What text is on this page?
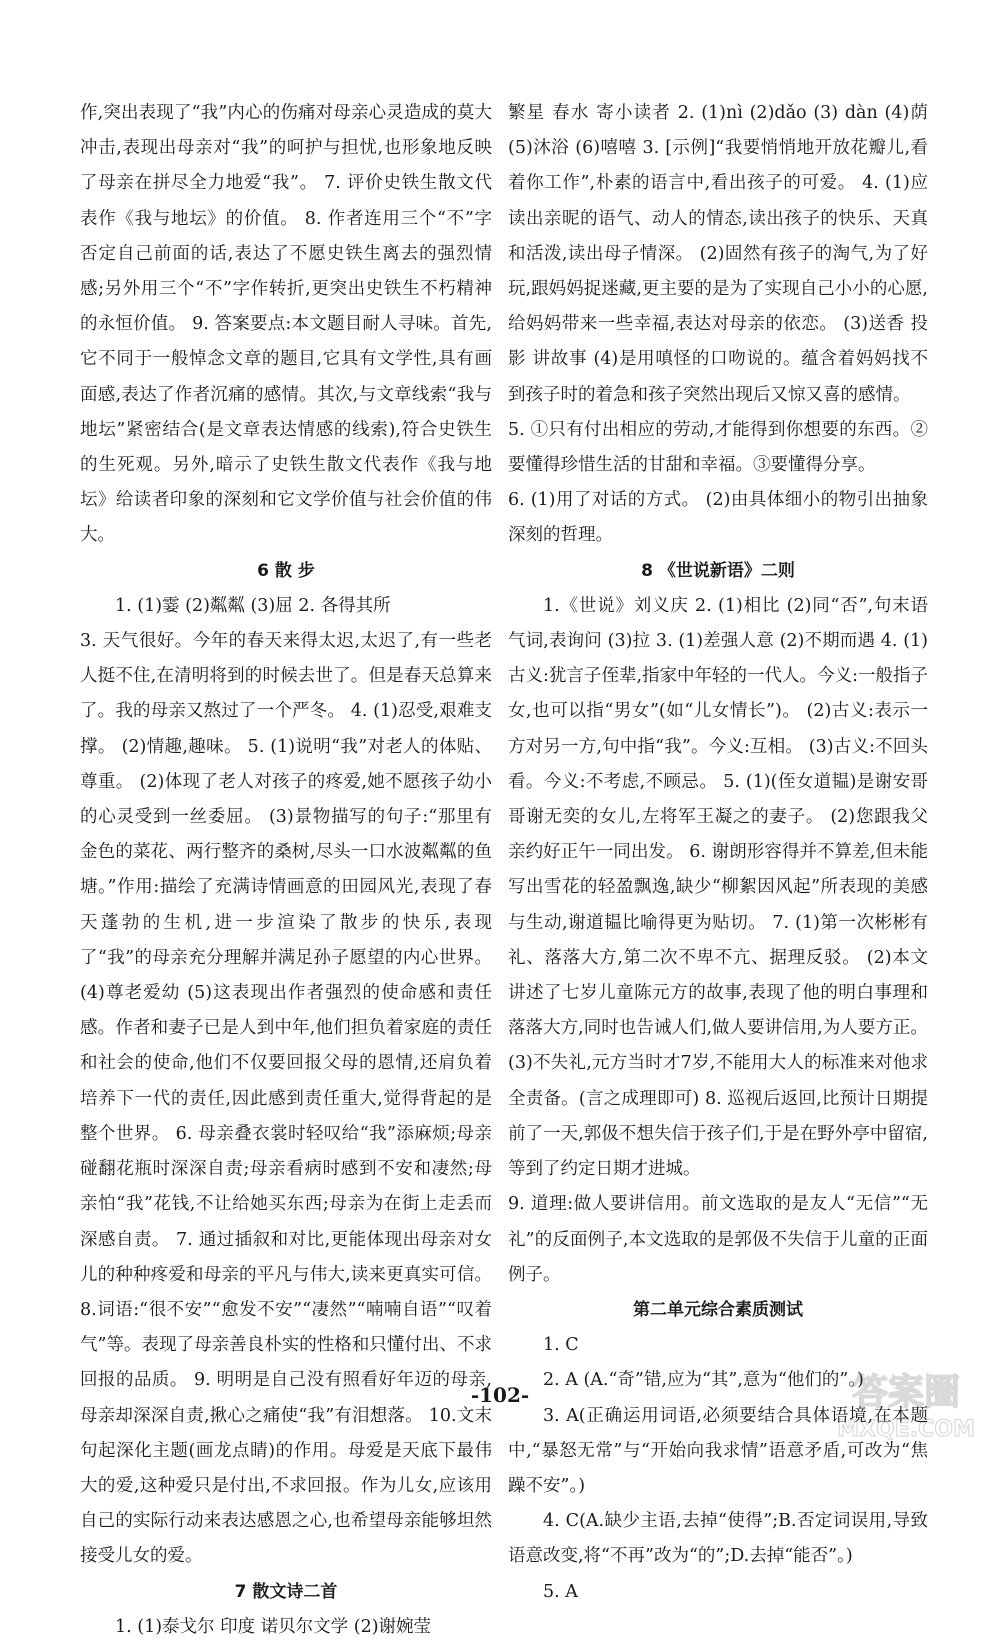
作,突出表现了“我”内心的伤痛对母亲心灵造成的莫大冲击,表现出母亲对“我”的呵护与担忧,也形象地反映了母亲在拼尽全力地爱“我”。 7. 评价史铁生散文代表作《我与地坛》的价值。 8. 作者连用三个“不”字否定自己前面的话,表达了不愿史铁生离去的强烈情感;另外用三个“不”字作转折,更突出史铁生不朽精神的永恒价值。 9. 答案要点:本文题目耐人寻味。首先,它不同于一般悼念文章的题目,它具有文学性,具有画面感,表达了作者沉痛的感情。其次,与文章线索“我与地坛”紧密结合(是文章表达情感的线索),符合史铁生的生死观。另外,暗示了史铁生散文代表作《我与地坛》给读者印象的深刻和它文学价值与社会价值的伟大。

6 散 步

1. (1)霎 (2)粼粼 (3)屈 2. 各得其所

3. 天气很好。今年的春天来得太迟,太迟了,有一些老人挺不住,在清明将到的时候去世了。但是春天总算来了。我的母亲又熬过了一个严冬。 4. (1)忍受,艰难支撑。 (2)情趣,趣味。 5. (1)说明“我”对老人的体贴、尊重。 (2)体现了老人对孩子的疼爱,她不愿孩子幼小的心灵受到一丝委屈。 (3)景物描写的句子:“那里有金色的菜花、两行整齐的桑树,尽头一口水波粼粼的鱼塘。”作用:描绘了充满诗情画意的田园风光,表现了春天蓬勃的生机,进一步渲染了散步的快乐,表现了“我”的母亲充分理解并满足孙子愿望的内心世界。 (4)尊老爱幼 (5)这表现出作者强烈的使命感和责任感。作者和妻子已是人到中年,他们担负着家庭的责任和社会的使命,他们不仅要回报父母的恩情,还肩负着培养下一代的责任,因此感到责任重大,觉得背起的是整个世界。 6. 母亲叠衣裳时轻叹给“我”添麻烦;母亲碰翻花瓶时深深自责;母亲看病时感到不安和凄然;母亲怕“我”花钱,不让给她买东西;母亲为在街上走丢而深感自责。 7. 通过插叙和对比,更能体现出母亲对女儿的种种疼爱和母亲的平凡与伟大,读来更真实可信。 8.词语:“很不安”“愈发不安”“凄然”“喃喃自语”“叹着气”等。表现了母亲善良朴实的性格和只懂付出、不求回报的品质。 9. 明明是自己没有照看好年迈的母亲,母亲却深深自责,揪心之痛使“我”有泪想落。 10.文末句起深化主题(画龙点睛)的作用。母爱是天底下最伟大的爱,这种爱只是付出,不求回报。作为儿女,应该用自己的实际行动来表达感恩之心,也希望母亲能够坦然接受儿女的爱。

7 散文诗二首

1. (1)泰戈尔 印度 诺贝尔文学 (2)谢婉莹

繁星 春水 寄小读者 2. (1)nì (2)dǎo (3) dàn (4)荫 (5)沐浴 (6)嘻嘻 3. [示例]“我要悄悄地开放花瓣儿,看着你工作”,朴素的语言中,看出孩子的可爱。 4. (1)应读出亲昵的语气、动人的情态,读出孩子的快乐、天真和活泼,读出母子情深。 (2)固然有孩子的淘气,为了好玩,跟妈妈捉迷藏,更主要的是为了实现自己小小的心愿,给妈妈带来一些幸福,表达对母亲的依恋。 (3)送香 投影 讲故事 (4)是用嗔怪的口吻说的。蕴含着妈妈找不到孩子时的着急和孩子突然出现后又惊又喜的感情。

5. ①只有付出相应的劳动,才能得到你想要的东西。②要懂得珍惜生活的甘甜和幸福。③要懂得分享。

6. (1)用了对话的方式。 (2)由具体细小的物引出抽象深刻的哲理。

8 《世说新语》二则

1.《世说》刘义庆 2. (1)相比 (2)同“否”,句末语气词,表询问 (3)拉 3. (1)差强人意 (2)不期而遇 4. (1)古义:犹言子侄辈,指家中年轻的一代人。今义:一般指子女,也可以指“男女”(如“儿女情长”)。 (2)古义:表示一方对另一方,句中指“我”。今义:互相。 (3)古义:不回头看。今义:不考虑,不顾忌。 5. (1)(侄女道韫)是谢安哥哥谢无奕的女儿,左将军王凝之的妻子。 (2)您跟我父亲约好正午一同出发。 6. 谢朗形容得并不算差,但未能写出雪花的轻盈飘逸,缺少“柳絮因风起”所表现的美感与生动,谢道韫比喻得更为贴切。 7. (1)第一次彬彬有礼、落落大方,第二次不卑不亢、据理反驳。 (2)本文讲述了七岁儿童陈元方的故事,表现了他的明白事理和落落大方,同时也告诫人们,做人要讲信用,为人要方正。 (3)不失礼,元方当时才7岁,不能用大人的标准来对他求全责备。(言之成理即可) 8. 巡视后返回,比预计日期提前了一天,郭伋不想失信于孩子们,于是在野外亭中留宿,等到了约定日期才进城。

9. 道理:做人要讲信用。前文选取的是友人“无信”“无礼”的反面例子,本文选取的是郭伋不失信于儿童的正面例子。

第二单元综合素质测试

1. C

2. A (A.“奇”错,应为“其”,意为“他们的”。)

3. A(正确运用词语,必须要结合具体语境,在本题中,“暴怒无常”与“开始向我求情”语意矛盾,可改为“焦躁不安”。)

4. C(A.缺少主语,去掉“使得”;B.否定词误用,导致语意改变,将“不再”改为“的”;D.去掉“能否”。)

5. A

-102-	答案圈
MXQE.COM
